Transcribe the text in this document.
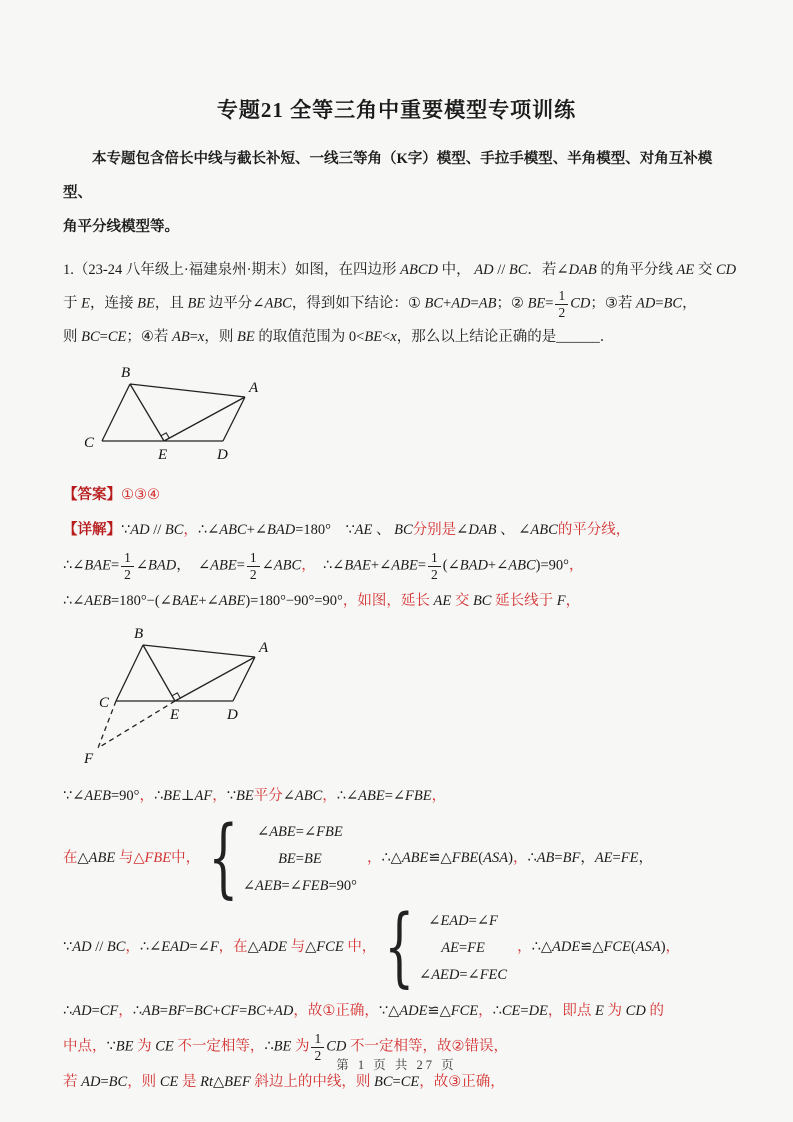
专题21 全等三角中重要模型专项训练
本专题包含倍长中线与截长补短、一线三等角（K字）模型、手拉手模型、半角模型、对角互补模型、
角平分线模型等。
1.（23-24 八年级上·福建泉州·期末）如图，在四边形 ABCD 中， AD // BC．若∠DAB 的角平分线 AE 交 CD
于 E，连接 BE，且 BE 边平分∠ABC，得到如下结论：① BC+AD=AB；② $BE= \frac{1}{2}$ CD；③若 AD=BC，
则 BC=CE；④若 AB=x，则 BE 的取值范围为 0<BE<x，那么以上结论正确的是______．
B
A
C
E	D
【答案】①③④
【详解】∵AD // BC，∴∠ABC+∠BAD=180°　∵AE 、 BC分别是∠DAB 、 ∠ABC的平分线，
∴∠BAE= $\frac{1}{2}$ ∠BAD，　∠ABE= $\frac{1}{2}$ ∠ABC，　∴∠BAE+∠ABE= $\frac{1}{2}$ (∠BAD+∠ABC)=90°，
∴∠AEB=180°−(∠BAE+∠ABE)=180°−90°=90°，如图，延长 AE 交 BC 延长线于 F，
B
A
C
E	D
F
∵∠AEB=90°，∴BE⊥AF，∵BE平分∠ABC，∴∠ABE=∠FBE，
在△ABE 与△FBE中， { ∠ABE=∠FBE
BE=BE
∠AEB=∠FEB=90°
，∴△ABE≌△FBE(ASA)，∴AB=BF，AE=FE，
∵AD // BC，∴∠EAD=∠F，在△ADE 与△FCE 中， { ∠EAD=∠F
AE=FE
∠AED=∠FEC
，∴△ADE≌△FCE(ASA)，
∴AD=CF，∴AB=BF=BC+CF=BC+AD，故①正确，∵△ADE≌△FCE，∴CE=DE，即点 E 为 CD 的
中点，∵BE 为 CE 不一定相等，∴BE 为 $\frac{1}{2}$ CD 不一定相等，故②错误，
若 AD=BC，则 CE 是 Rt△BEF 斜边上的中线，则 BC=CE，故③正确，
第 1 页 共 27 页
